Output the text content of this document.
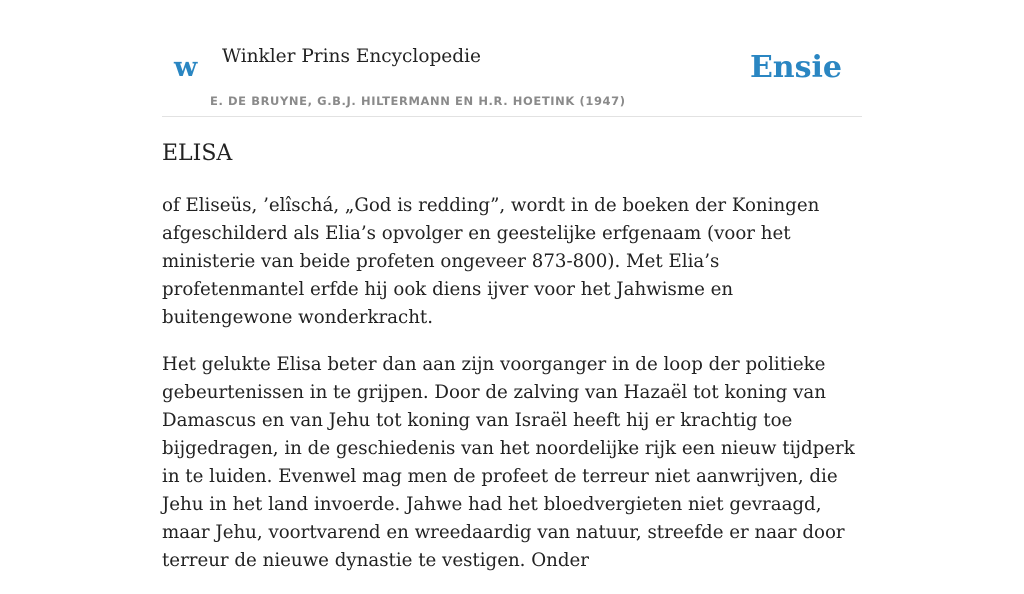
w Winkler Prins Encyclopedie
E. DE BRUYNE, G.B.J. HILTERMANN EN H.R. HOETINK (1947)
Ensie
ELISA

of Eliseüs, ’elîschá, „God is redding”, wordt in de boeken der Koningen afgeschilderd als Elia’s opvolger en geestelijke erfgenaam (voor het ministerie van beide profeten ongeveer 873-800). Met Elia’s profetenmantel erfde hij ook diens ijver voor het Jahwisme en buitengewone wonderkracht.

Het gelukte Elisa beter dan aan zijn voorganger in de loop der politieke gebeurtenissen in te grijpen. Door de zalving van Hazaël tot koning van Damascus en van Jehu tot koning van Israël heeft hij er krachtig toe bijgedragen, in de geschiedenis van het noordelijke rijk een nieuw tijdperk in te luiden. Evenwel mag men de profeet de terreur niet aanwrijven, die Jehu in het land invoerde. Jahwe had het bloedvergieten niet gevraagd, maar Jehu, voortvarend en wreedaardig van natuur, streefde er naar door terreur de nieuwe dynastie te vestigen. Onder
